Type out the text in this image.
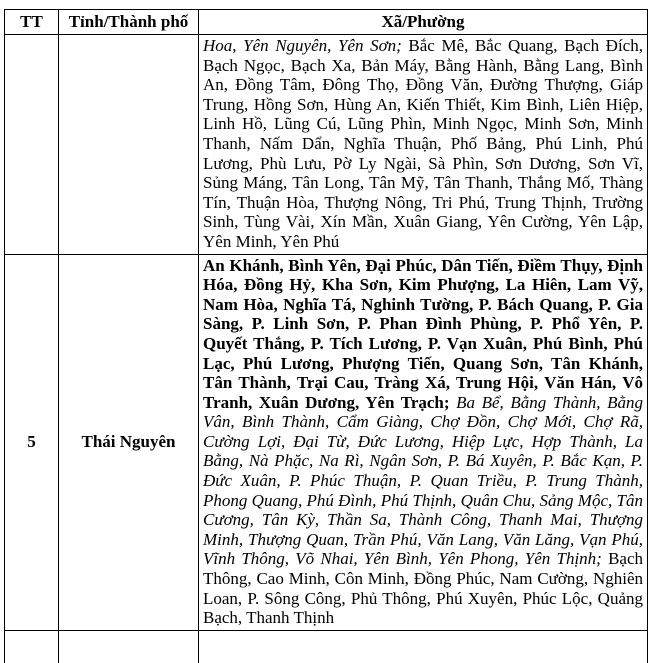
TT	Tỉnh/Thành phố	Xã/Phường
		Hoa, Yên Nguyên, Yên Sơn; Bắc Mê, Bắc Quang, Bạch Đích, Bạch Ngọc, Bạch Xa, Bản Máy, Bằng Hành, Bằng Lang, Bình An, Đồng Tâm, Đông Thọ, Đồng Văn, Đường Thượng, Giáp Trung, Hồng Sơn, Hùng An, Kiến Thiết, Kim Bình, Liên Hiệp, Linh Hồ, Lũng Cú, Lũng Phìn, Minh Ngọc, Minh Sơn, Minh Thanh, Nấm Dẩn, Nghĩa Thuận, Phố Bảng, Phú Linh, Phú Lương, Phù Lưu, Pờ Ly Ngài, Sà Phìn, Sơn Dương, Sơn Vĩ, Sủng Máng, Tân Long, Tân Mỹ, Tân Thanh, Thắng Mố, Thàng Tín, Thuận Hòa, Thượng Nông, Tri Phú, Trung Thịnh, Trường Sinh, Tùng Vài, Xín Mần, Xuân Giang, Yên Cường, Yên Lập, Yên Minh, Yên Phú
5	Thái Nguyên	An Khánh, Bình Yên, Đại Phúc, Dân Tiến, Điềm Thụy, Định Hóa, Đồng Hỷ, Kha Sơn, Kim Phượng, La Hiên, Lam Vỹ, Nam Hòa, Nghĩa Tá, Nghinh Tường, P. Bách Quang, P. Gia Sàng, P. Linh Sơn, P. Phan Đình Phùng, P. Phổ Yên, P. Quyết Thắng, P. Tích Lương, P. Vạn Xuân, Phú Bình, Phú Lạc, Phú Lương, Phượng Tiến, Quang Sơn, Tân Khánh, Tân Thành, Trại Cau, Tràng Xá, Trung Hội, Văn Hán, Vô Tranh, Xuân Dương, Yên Trạch; Ba Bể, Bằng Thành, Bằng Vân, Bình Thành, Cẩm Giàng, Chợ Đồn, Chợ Mới, Chợ Rã, Cường Lợi, Đại Từ, Đức Lương, Hiệp Lực, Hợp Thành, La Bằng, Nà Phặc, Na Rì, Ngân Sơn, P. Bá Xuyên, P. Bắc Kạn, P. Đức Xuân, P. Phúc Thuận, P. Quan Triều, P. Trung Thành, Phong Quang, Phú Đình, Phú Thịnh, Quân Chu, Sảng Mộc, Tân Cương, Tân Kỳ, Thần Sa, Thành Công, Thanh Mai, Thượng Minh, Thượng Quan, Trần Phú, Văn Lang, Văn Lăng, Vạn Phú, Vĩnh Thông, Võ Nhai, Yên Bình, Yên Phong, Yên Thịnh; Bạch Thông, Cao Minh, Côn Minh, Đồng Phúc, Nam Cường, Nghiên Loan, P. Sông Công, Phủ Thông, Phú Xuyên, Phúc Lộc, Quảng Bạch, Thanh Thịnh
